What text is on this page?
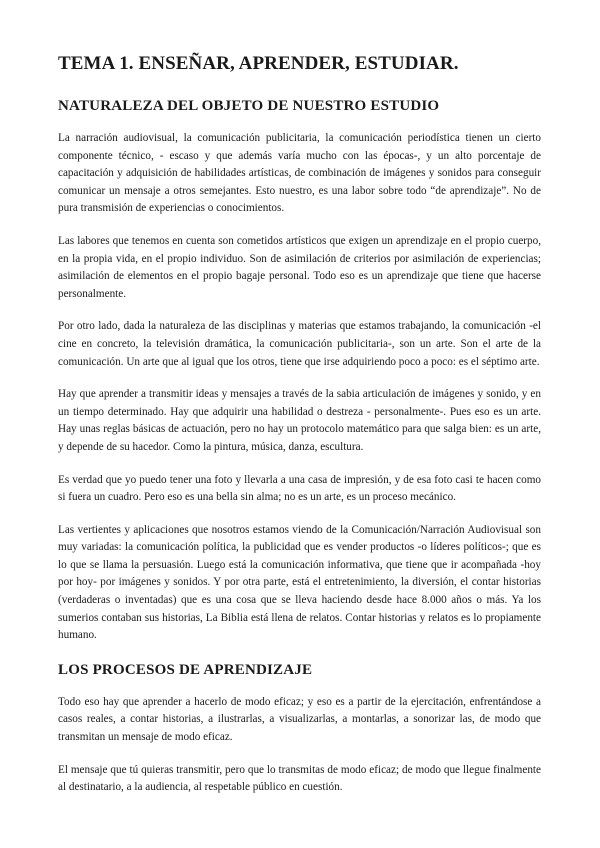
TEMA 1. ENSEÑAR, APRENDER, ESTUDIAR.
NATURALEZA DEL OBJETO DE NUESTRO ESTUDIO

La narración audiovisual, la comunicación publicitaria, la comunicación periodística tienen un cierto componente técnico, - escaso y que además varía mucho con las épocas-, y un alto porcentaje de capacitación y adquisición de habilidades artísticas, de combinación de imágenes y sonidos para conseguir comunicar un mensaje a otros semejantes. Esto nuestro, es una labor sobre todo “de aprendizaje”. No de pura transmisión de experiencias o conocimientos.

Las labores que tenemos en cuenta son cometidos artísticos que exigen un aprendizaje en el propio cuerpo, en la propia vida, en el propio individuo. Son de asimilación de criterios por asimilación de experiencias; asimilación de elementos en el propio bagaje personal. Todo eso es un aprendizaje que tiene que hacerse personalmente.

Por otro lado, dada la naturaleza de las disciplinas y materias que estamos trabajando, la comunicación -el cine en concreto, la televisión dramática, la comunicación publicitaria-, son un arte. Son el arte de la comunicación. Un arte que al igual que los otros, tiene que irse adquiriendo poco a poco: es el séptimo arte.

Hay que aprender a transmitir ideas y mensajes a través de la sabia articulación de imágenes y sonido, y en un tiempo determinado. Hay que adquirir una habilidad o destreza - personalmente-. Pues eso es un arte. Hay unas reglas básicas de actuación, pero no hay un protocolo matemático para que salga bien: es un arte, y depende de su hacedor. Como la pintura, música, danza, escultura.

Es verdad que yo puedo tener una foto y llevarla a una casa de impresión, y de esa foto casi te hacen como si fuera un cuadro. Pero eso es una bella sin alma; no es un arte, es un proceso mecánico.

Las vertientes y aplicaciones que nosotros estamos viendo de la Comunicación/Narración Audiovisual son muy variadas: la comunicación política, la publicidad que es vender productos -o líderes políticos-; que es lo que se llama la persuasión. Luego está la comunicación informativa, que tiene que ir acompañada -hoy por hoy- por imágenes y sonidos. Y por otra parte, está el entretenimiento, la diversión, el contar historias (verdaderas o inventadas) que es una cosa que se lleva haciendo desde hace 8.000 años o más. Ya los sumerios contaban sus historias, La Biblia está llena de relatos. Contar historias y relatos es lo propiamente humano.

LOS PROCESOS DE APRENDIZAJE

Todo eso hay que aprender a hacerlo de modo eficaz; y eso es a partir de la ejercitación, enfrentándose a casos reales, a contar historias, a ilustrarlas, a visualizarlas, a montarlas, a sonorizar las, de modo que transmitan un mensaje de modo eficaz.

El mensaje que tú quieras transmitir, pero que lo transmitas de modo eficaz; de modo que llegue finalmente al destinatario, a la audiencia, al respetable público en cuestión.
